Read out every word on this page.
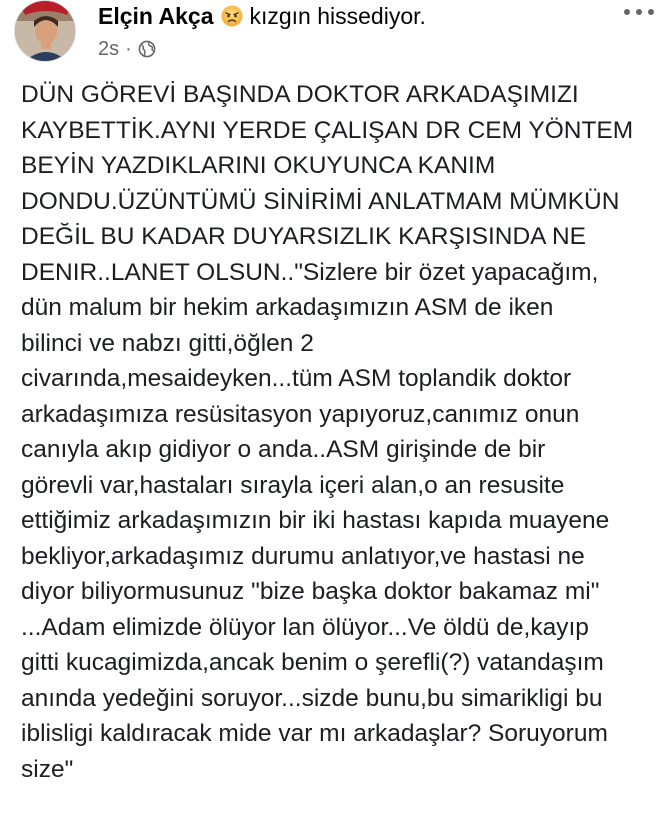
Elçin Akça kızgın hissediyor.
2s ·
DÜN GÖREVİ BAŞINDA DOKTOR ARKADAŞIMIZI
KAYBETTİK.AYNI YERDE ÇALIŞAN DR CEM YÖNTEM
BEYİN YAZDIKLARINI OKUYUNCA KANIM
DONDU.ÜZÜNTÜMÜ SİNİRİMİ ANLATMAM MÜMKÜN
DEĞİL BU KADAR DUYARSIZLIK KARŞISINDA NE
DENIR..LANET OLSUN.."Sizlere bir özet yapacağım,
dün malum bir hekim arkadaşımızın ASM de iken
bilinci ve nabzı gitti,öğlen 2
civarında,mesaideyken...tüm ASM toplandik doktor
arkadaşımıza resüsitasyon yapıyoruz,canımız onun
canıyla akıp gidiyor o anda..ASM girişinde de bir
görevli var,hastaları sırayla içeri alan,o an resusite
ettiğimiz arkadaşımızın bir iki hastası kapıda muayene
bekliyor,arkadaşımız durumu anlatıyor,ve hastasi ne
diyor biliyormusunuz "bize başka doktor bakamaz mi"
...Adam elimizde ölüyor lan ölüyor...Ve öldü de,kayıp
gitti kucagimizda,ancak benim o şerefli(?) vatandaşım
anında yedeğini soruyor...sizde bunu,bu simarikligi bu
iblisligi kaldıracak mide var mı arkadaşlar? Soruyorum
size"
